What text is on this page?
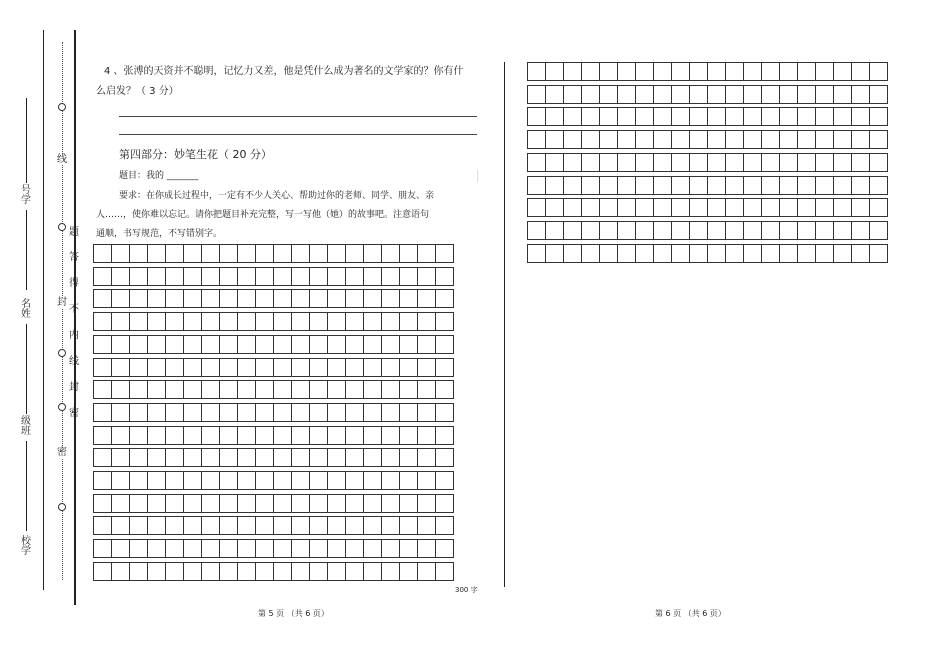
线
封
密
题
答
得
不
内
线
封
密
号
学
名
姓
级
班
校
学
4 、张溥的天资并不聪明，记忆力又差，他是凭什么成为著名的文学家的？你有什
么启发？（ 3 分）
第四部分：妙笔生花（ 20 分）
题目：我的 _______
要求：在你成长过程中，一定有不少人关心、帮助过你的老师、同学、朋友、亲
人……，使你难以忘记。请你把题目补充完整，写一写他（她）的故事吧。注意语句
通顺，书写规范，不写错别字。
300 字
第 5 页 （共 6 页）	第 6 页 （共 6 页）
